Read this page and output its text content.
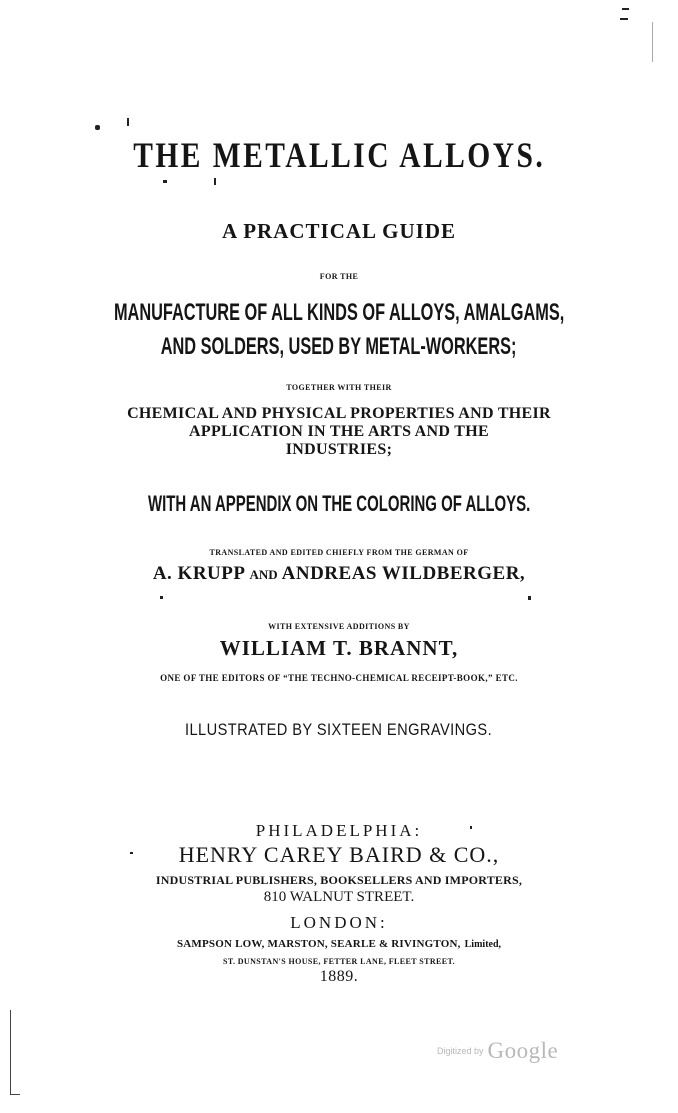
THE METALLIC ALLOYS.
A PRACTICAL GUIDE
FOR THE
MANUFACTURE OF ALL KINDS OF ALLOYS, AMALGAMS,
AND SOLDERS, USED BY METAL-WORKERS;
TOGETHER WITH THEIR
CHEMICAL AND PHYSICAL PROPERTIES AND THEIR
APPLICATION IN THE ARTS AND THE
INDUSTRIES;
WITH AN APPENDIX ON THE COLORING OF ALLOYS.
TRANSLATED AND EDITED CHIEFLY FROM THE GERMAN OF
A. KRUPP AND ANDREAS WILDBERGER,
WITH EXTENSIVE ADDITIONS BY
WILLIAM T. BRANNT,
ONE OF THE EDITORS OF “THE TECHNO-CHEMICAL RECEIPT-BOOK,” ETC.
ILLUSTRATED BY SIXTEEN ENGRAVINGS.
PHILADELPHIA:
HENRY CAREY BAIRD & CO.,
INDUSTRIAL PUBLISHERS, BOOKSELLERS AND IMPORTERS,
810 WALNUT STREET.
LONDON:
SAMPSON LOW, MARSTON, SEARLE & RIVINGTON, Limited,
ST. DUNSTAN'S HOUSE, FETTER LANE, FLEET STREET.
1889.
$^{Digitized by}$ Google
